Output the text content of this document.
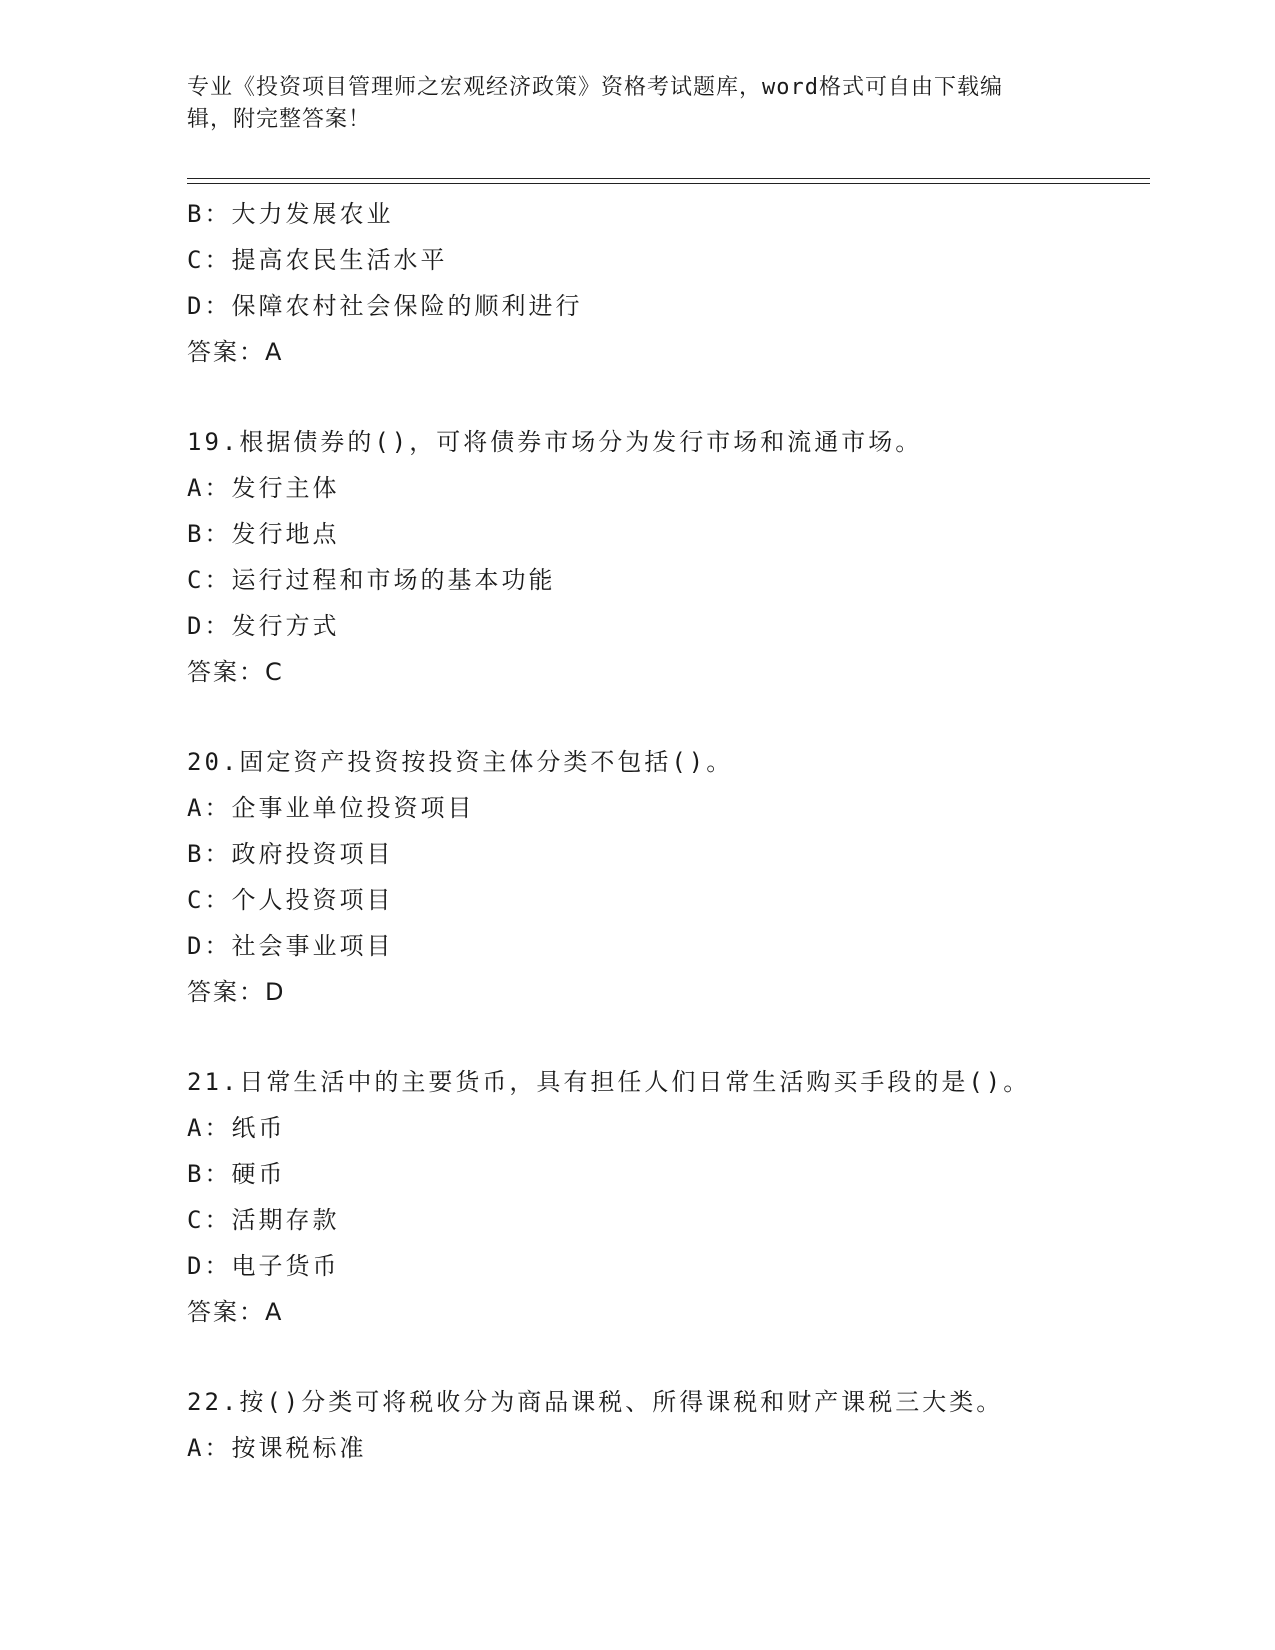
专业《投资项目管理师之宏观经济政策》资格考试题库，word格式可自由下载编
辑，附完整答案！
B：大力发展农业
C：提高农民生活水平
D：保障农村社会保险的顺利进行
答案：A
19.根据债券的()，可将债券市场分为发行市场和流通市场。
A：发行主体
B：发行地点
C：运行过程和市场的基本功能
D：发行方式
答案：C
20.固定资产投资按投资主体分类不包括()。
A：企事业单位投资项目
B：政府投资项目
C：个人投资项目
D：社会事业项目
答案：D
21.日常生活中的主要货币，具有担任人们日常生活购买手段的是()。
A：纸币
B：硬币
C：活期存款
D：电子货币
答案：A
22.按()分类可将税收分为商品课税、所得课税和财产课税三大类。
A：按课税标准
